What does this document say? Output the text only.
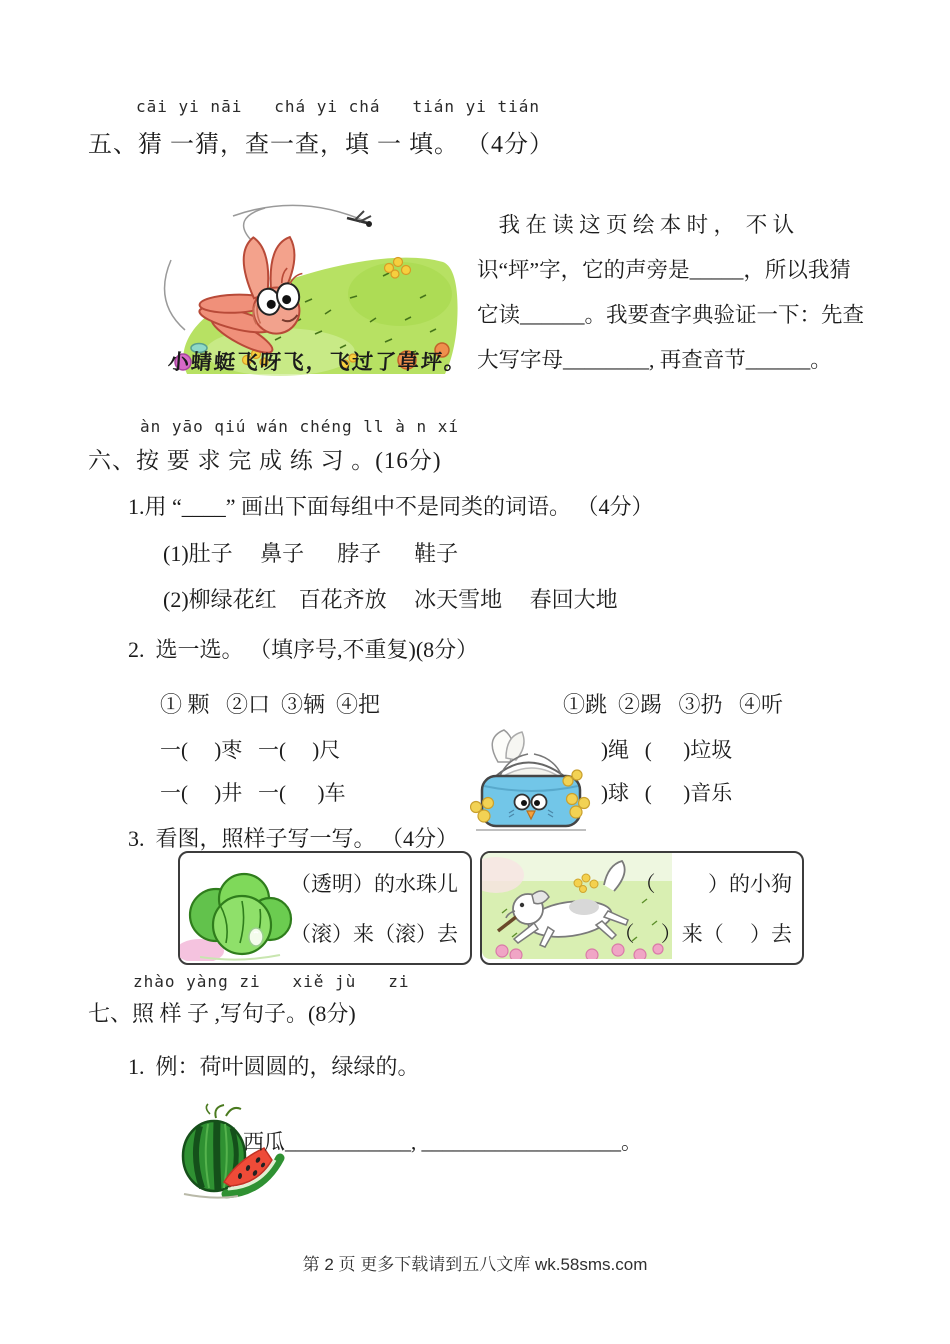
cāi yi nāi   chá yi chá   tián yi tián
五、猜 一猜，查一查，填 一 填。 （4分）

小蜻蜓飞呀飞，飞过了草坪。
我 在 读 这 页 绘 本 时 ，  不 认
识“坪”字，它的声旁是_____，所以我猜
它读______。我要查字典验证一下：先查
大写字母________, 再查音节______。
àn yāo qiú wán chéng ll à n xí
六、按 要 求 完 成 练 习 。(16分)
1.用 “____” 画出下面每组中不是同类的词语。 （4分）
(1)肚子     鼻子      脖子      鞋子
(2)柳绿花红    百花齐放     冰天雪地     春回大地
2.  选一选。 （填序号,不重复)(8分）
① 颗   ②口  ③辆  ④把	①跳  ②踢   ③扔   ④听
一(     )枣   一(     )尺
一(     )井   一(      )车
)绳   (      )垃圾
)球   (      )音乐

3.  看图，照样子写一写。 （4分）
（透明）的水珠儿
（滚）来（滚）去
（          ）的小狗
（     ）来（     ）去
zhào yàng zi   xiě jù   zi
七、照 样 子 ,写句子。(8分)
1.  例：荷叶圆圆的，绿绿的。

西瓜____________, ___________________。
第 2 页 更多下载请到五八文库 wk.58sms.com
